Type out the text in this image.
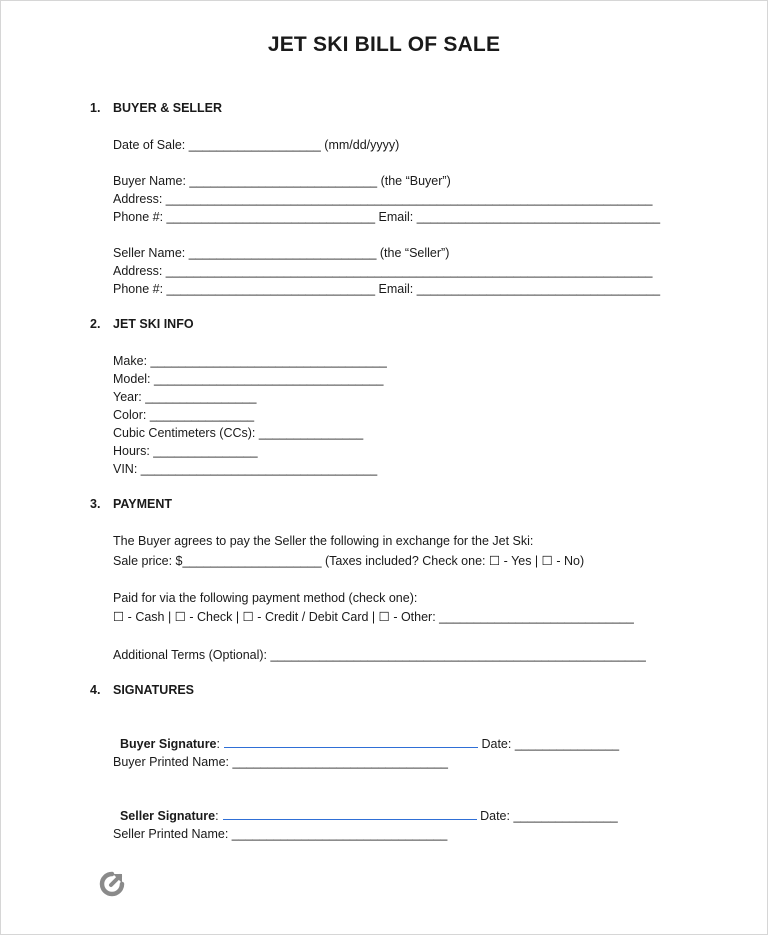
JET SKI BILL OF SALE
1. BUYER & SELLER
Date of Sale: ___________________ (mm/dd/yyyy)
Buyer Name: ___________________________ (the “Buyer”)
Address: ______________________________________________________________________
Phone #: ______________________________ Email: ___________________________________
Seller Name: ___________________________ (the “Seller”)
Address: ______________________________________________________________________
Phone #: ______________________________ Email: ___________________________________
2. JET SKI INFO
Make: __________________________________
Model: _________________________________
Year: ________________
Color: _______________
Cubic Centimeters (CCs): _______________
Hours: _______________
VIN: __________________________________
3. PAYMENT
The Buyer agrees to pay the Seller the following in exchange for the Jet Ski:
Sale price: $____________________ (Taxes included? Check one: ☐ - Yes | ☐ - No)
Paid for via the following payment method (check one):
☐ - Cash | ☐ - Check | ☐ - Credit / Debit Card | ☐ - Other: ____________________________
Additional Terms (Optional): ______________________________________________________
4. SIGNATURES

Buyer Signature:	Date: _______________

Buyer Printed Name: _______________________________

Seller Signature:	Date: _______________

Seller Printed Name: _______________________________
